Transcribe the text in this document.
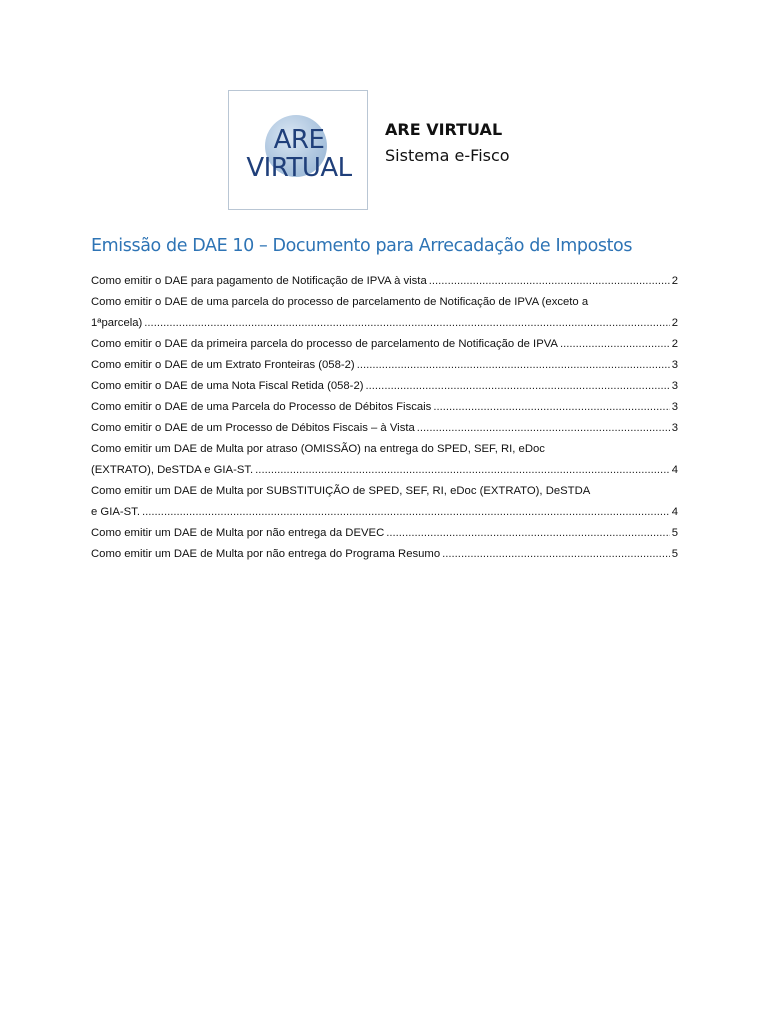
ARE
VIRTUAL
ARE VIRTUAL
Sistema e-Fisco
Emissão de DAE 10 – Documento para Arrecadação de Impostos
Como emitir o DAE para pagamento de Notificação de IPVA à vista .....	2
Como emitir o DAE de uma parcela do processo de parcelamento de Notificação de IPVA (exceto a
1ªparcela) .....	2
Como emitir o DAE da primeira parcela do processo de parcelamento de Notificação de IPVA .....	2
Como emitir o DAE de um Extrato Fronteiras (058-2) .....	3
Como emitir o DAE de uma Nota Fiscal Retida (058-2) .....	3
Como emitir o DAE de uma Parcela do Processo de Débitos Fiscais .....	3
Como emitir o DAE de um Processo de Débitos Fiscais – à Vista .....	3
Como emitir um DAE de Multa por atraso (OMISSÃO) na entrega do SPED, SEF, RI, eDoc
(EXTRATO), DeSTDA e GIA-ST. .....	4
Como emitir um DAE de Multa por SUBSTITUIÇÃO de SPED, SEF, RI, eDoc (EXTRATO), DeSTDA
e GIA-ST. .....	4
Como emitir um DAE de Multa por não entrega da DEVEC .....	5
Como emitir um DAE de Multa por não entrega do Programa Resumo .....	5
